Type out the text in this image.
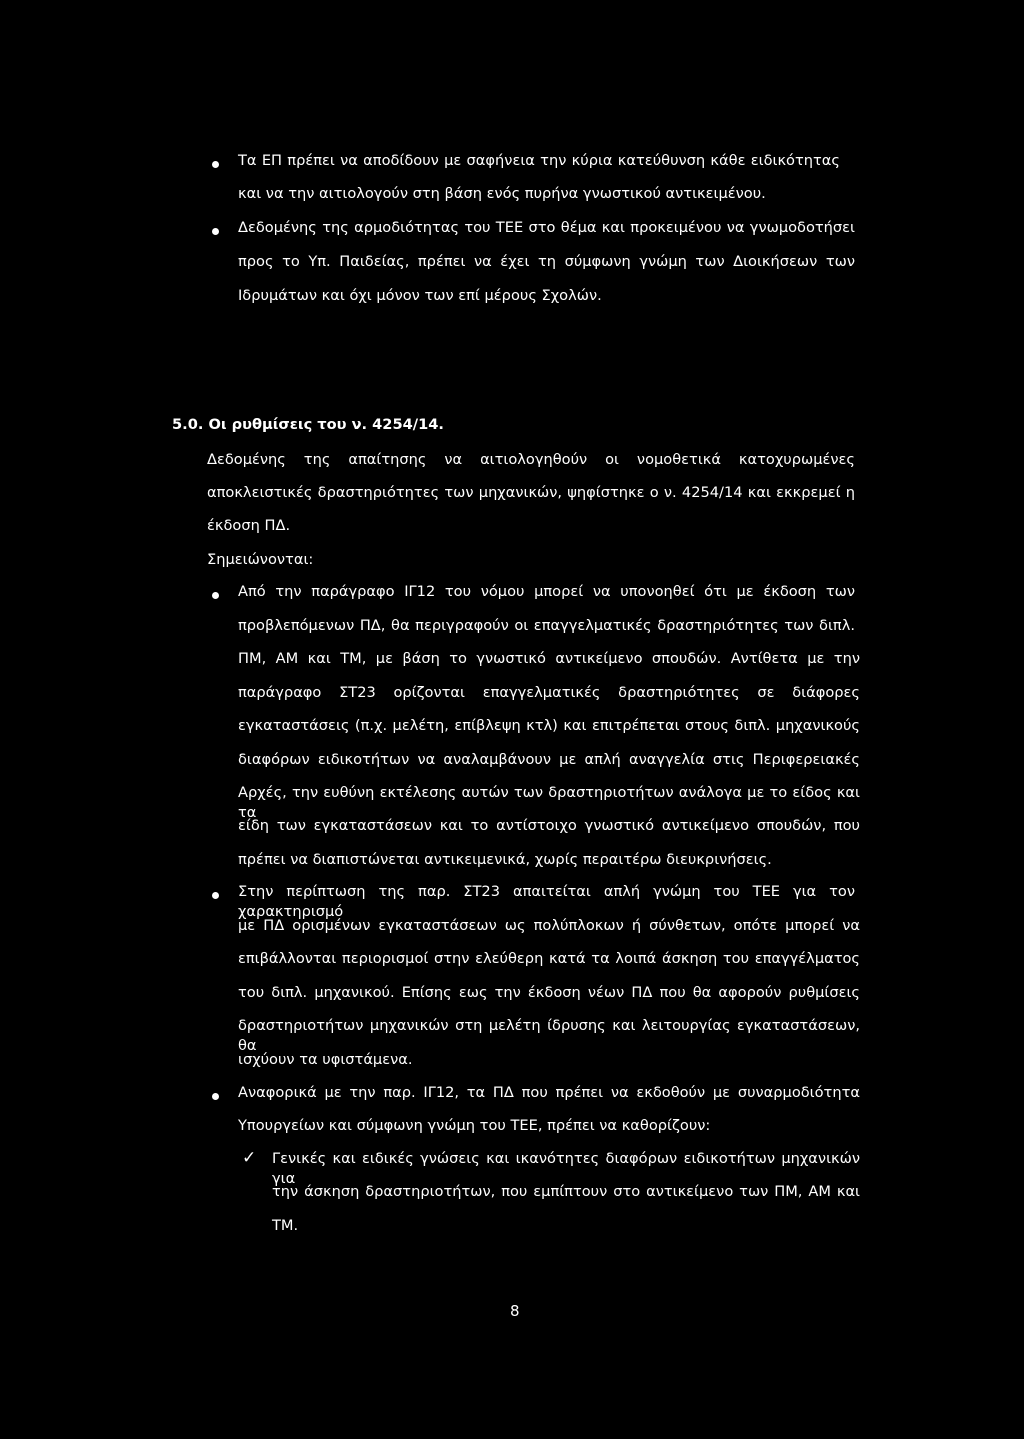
Τα ΕΠ πρέπει να αποδίδουν με σαφήνεια την κύρια κατεύθυνση κάθε ειδικότητας
και να την αιτιολογούν στη βάση ενός πυρήνα γνωστικού αντικειμένου.
Δεδομένης της αρμοδιότητας του ΤΕΕ στο θέμα και προκειμένου να γνωμοδοτήσει
προς το Υπ. Παιδείας, πρέπει να έχει τη σύμφωνη γνώμη των Διοικήσεων των
Ιδρυμάτων και όχι μόνον των επί μέρους Σχολών.
5.0. Οι ρυθμίσεις του ν. 4254/14.
Δεδομένης της απαίτησης να αιτιολογηθούν οι νομοθετικά κατοχυρωμένες
αποκλειστικές δραστηριότητες των μηχανικών, ψηφίστηκε ο ν. 4254/14 και εκκρεμεί η
έκδοση ΠΔ.
Σημειώνονται:
Από την παράγραφο ΙΓ12 του νόμου μπορεί να υπονοηθεί ότι με έκδοση των
προβλεπόμενων ΠΔ, θα περιγραφούν οι επαγγελματικές δραστηριότητες των διπλ.
ΠΜ, ΑΜ και ΤΜ, με βάση το γνωστικό αντικείμενο σπουδών. Αντίθετα με την
παράγραφο ΣΤ23 ορίζονται επαγγελματικές δραστηριότητες σε διάφορες
εγκαταστάσεις (π.χ. μελέτη, επίβλεψη κτλ) και επιτρέπεται στους διπλ. μηχανικούς
διαφόρων ειδικοτήτων να αναλαμβάνουν με απλή αναγγελία στις Περιφερειακές
Αρχές, την ευθύνη εκτέλεσης αυτών των δραστηριοτήτων ανάλογα με το είδος και τα
είδη των εγκαταστάσεων και το αντίστοιχο γνωστικό αντικείμενο σπουδών, που
πρέπει να διαπιστώνεται αντικειμενικά, χωρίς περαιτέρω διευκρινήσεις.
Στην περίπτωση της παρ. ΣΤ23 απαιτείται απλή γνώμη του ΤΕΕ για τον χαρακτηρισμό
με ΠΔ ορισμένων εγκαταστάσεων ως πολύπλοκων ή σύνθετων, οπότε μπορεί να
επιβάλλονται περιορισμοί στην ελεύθερη κατά τα λοιπά άσκηση του επαγγέλματος
του διπλ. μηχανικού. Επίσης εως την έκδοση νέων ΠΔ που θα αφορούν ρυθμίσεις
δραστηριοτήτων μηχανικών στη μελέτη ίδρυσης και λειτουργίας εγκαταστάσεων, θα
ισχύουν τα υφιστάμενα.
Αναφορικά με την παρ. ΙΓ12, τα ΠΔ που πρέπει να εκδοθούν με συναρμοδιότητα
Υπουργείων και σύμφωνη γνώμη του ΤΕΕ, πρέπει να καθορίζουν:
✓ Γενικές και ειδικές γνώσεις και ικανότητες διαφόρων ειδικοτήτων μηχανικών για
την άσκηση δραστηριοτήτων, που εμπίπτουν στο αντικείμενο των ΠΜ, ΑΜ και
ΤΜ.
8
